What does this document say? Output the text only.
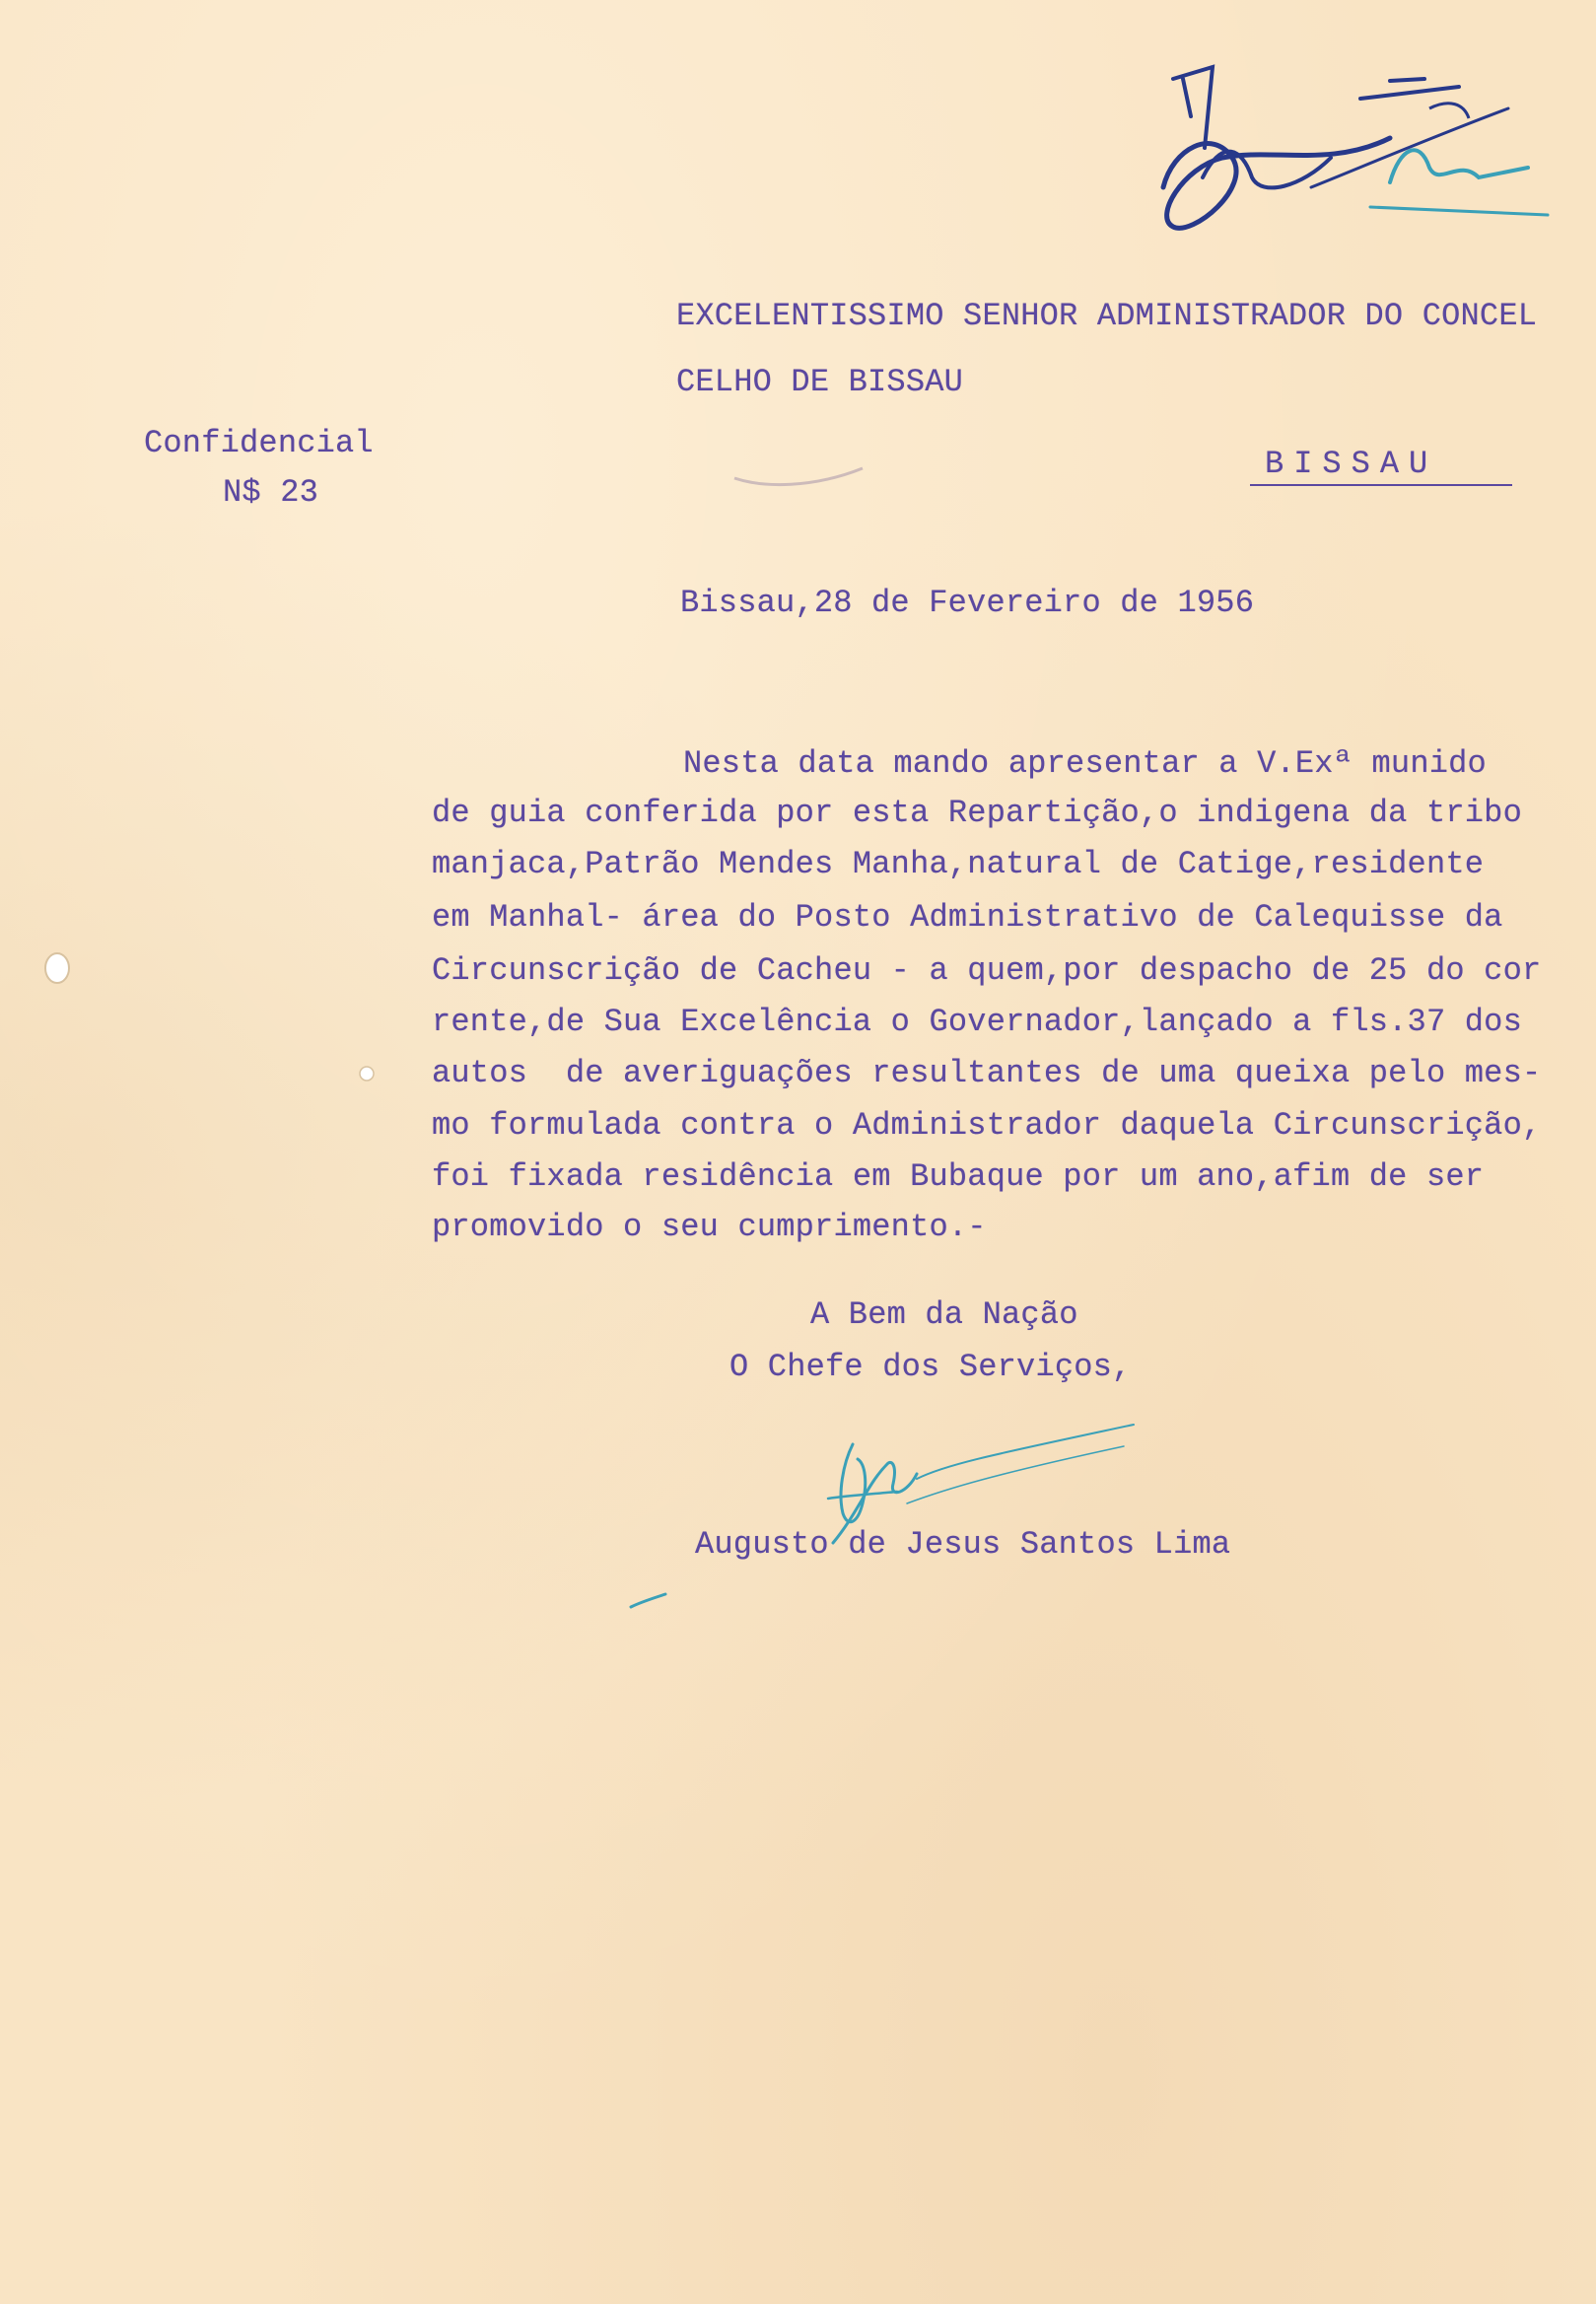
EXCELENTISSIMO SENHOR ADMINISTRADOR DO CONCEL
CELHO DE BISSAU
Confidencial
N$ 23
BISSAU
Bissau,28 de Fevereiro de 1956
Nesta data mando apresentar a V.Exª munido
de guia conferida por esta Repartição,o indigena da tribo
manjaca,Patrão Mendes Manha,natural de Catige,residente
em Manhal- área do Posto Administrativo de Calequisse da
Circunscrição de Cacheu - a quem,por despacho de 25 do cor
rente,de Sua Excelência o Governador,lançado a fls.37 dos
autos  de averiguações resultantes de uma queixa pelo mes-
mo formulada contra o Administrador daquela Circunscrição,
foi fixada residência em Bubaque por um ano,afim de ser
promovido o seu cumprimento.-
A Bem da Nação
O Chefe dos Serviços,
Augusto de Jesus Santos Lima
